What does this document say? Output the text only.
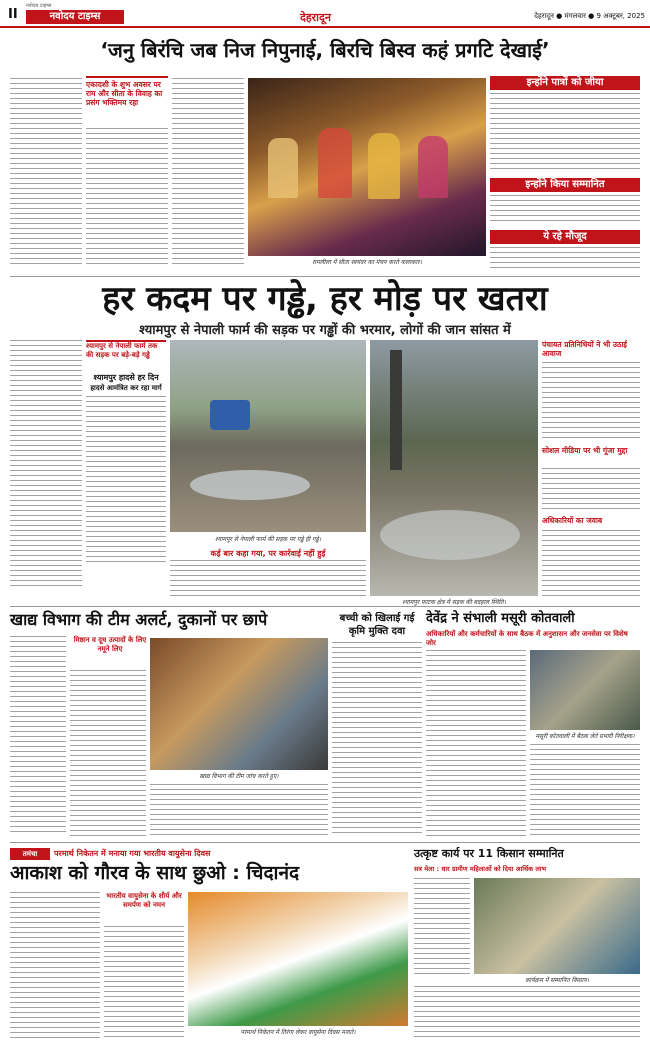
II
नवोदय टाइम्स
नवोदय टाइम्स	देहरादून	देहरादून ● मंगलवार ● 9 अक्टूबर, 2025
‘जनु बिरंचि जब निज निपुनाई, बिरचि बिस्व कहं प्रगटि देखाई’
एकादशी के शुभ अवसर पर राम और सीता के विवाह का प्रसंग भक्तिमय रहा
रामलीला में सीता स्वयंवर का मंचन करते कलाकार।
इन्होंने पात्रों को जीया
इन्होंने किया सम्मानित
ये रहे मौजूद
हर कदम पर गड्ढे, हर मोड़ पर खतरा
श्यामपुर से नेपाली फार्म की सड़क पर गड्ढों की भरमार, लोगों की जान सांसत में
श्यामपुर से नेपाली फार्म तक की सड़क पर बड़े-बड़े गड्ढे
श्यामपुर हादसे हर दिन
हादसे आमंत्रित कर रहा मार्ग
श्यामपुर से नेपाली फार्म की सड़क पर गड्ढे ही गड्ढे।
श्यामपुर फाटक क्षेत्र में सड़क की बदहाल स्थिति।
पंचायत प्रतिनिधियों ने भी उठाई आवाज
सोशल मीडिया पर भी गूंजा मुद्दा
अधिकारियों का जवाब
कई बार कहा गया, पर कार्रवाई नहीं हुई
खाद्य विभाग की टीम अलर्ट, दुकानों पर छापे
मिष्ठान व दूध उत्पादों के लिए नमूने लिए
खाद्य विभाग की टीम जांच करते हुए।
बच्ची को खिलाई गई कृमि मुक्ति दवा
देवेंद्र ने संभाली मसूरी कोतवाली
अधिकारियों और कर्मचारियों के साथ बैठक में अनुशासन और जनसेवा पर विशेष जोर
मसूरी कोतवाली में बैठक लेते प्रभारी निरीक्षक।
तमंचा	परमार्थ निकेतन में मनाया गया भारतीय वायुसेना दिवस
आकाश को गौरव के साथ छुओ : चिदानंद
भारतीय वायुसेना के शौर्य और समर्पण को नमन
परमार्थ निकेतन में तिरंगा लेकर वायुसेना दिवस मनाते।
उत्कृष्ट कार्य पर 11 किसान सम्मानित
सत्र मेला : धार ग्रामीण महिलाओं को दिया आर्थिक लाभ
कार्यक्रम में सम्मानित किसान।
